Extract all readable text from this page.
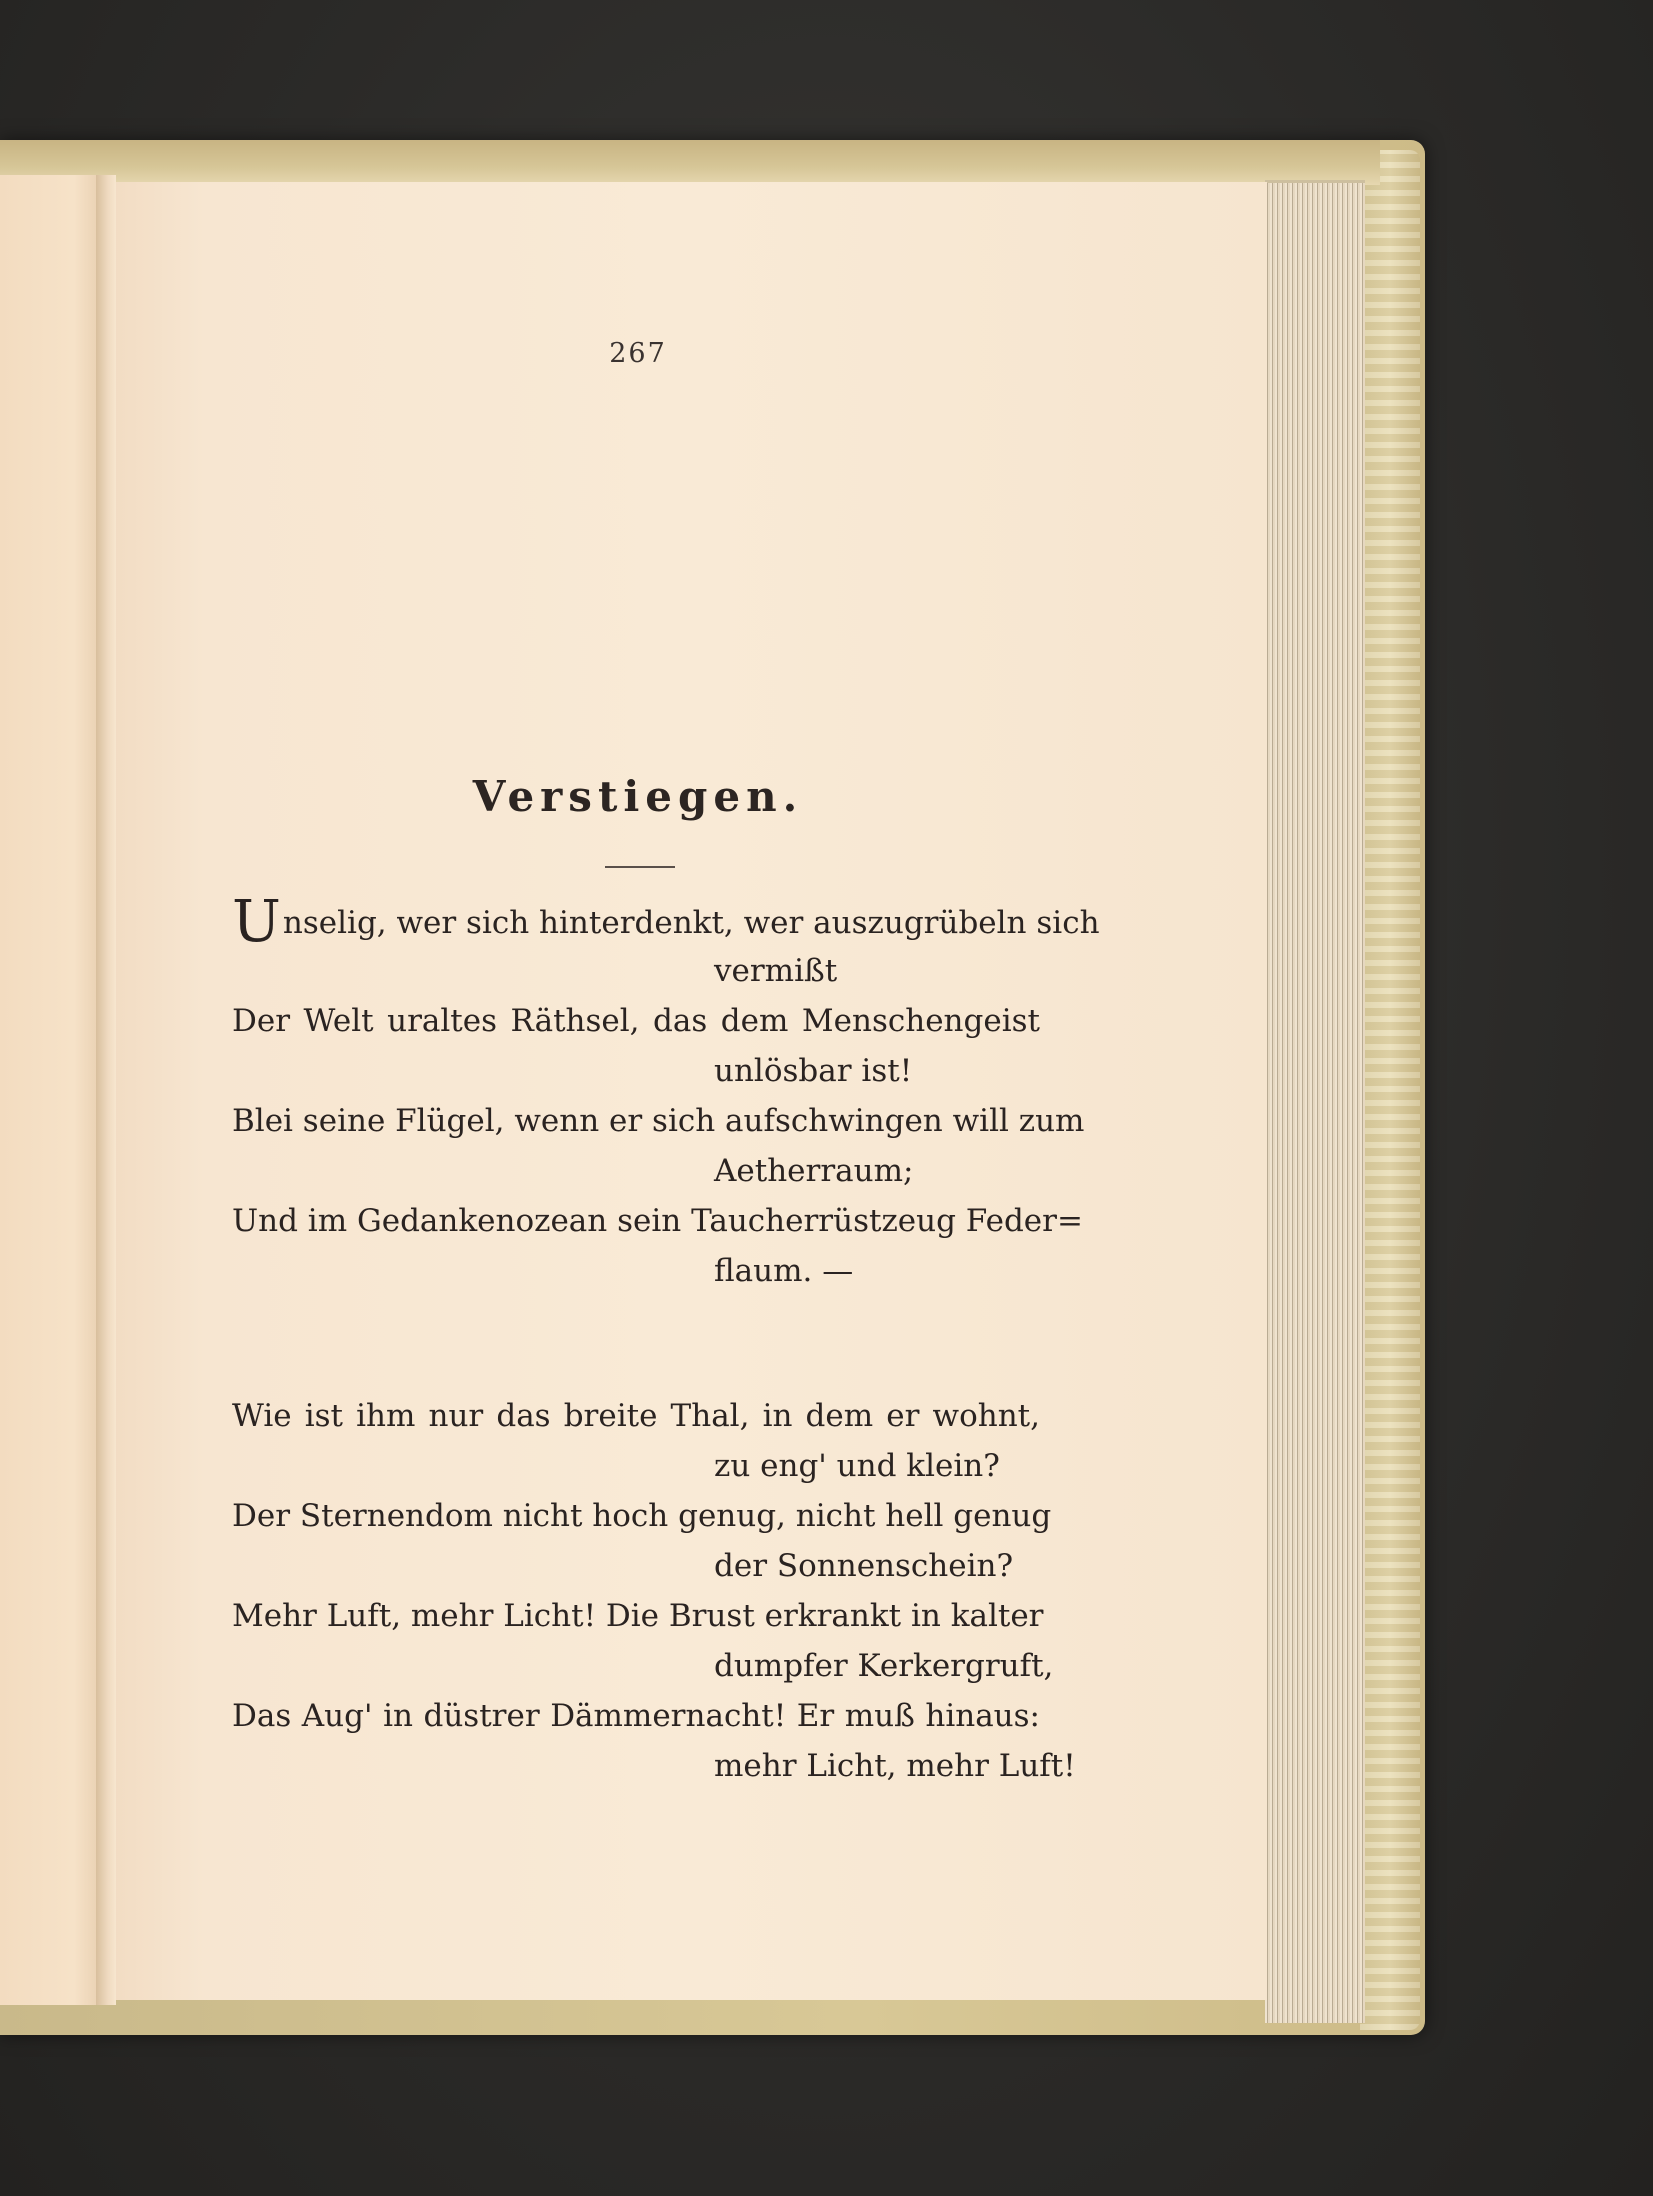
267
Verstiegen.
Unselig, wer sich hinterdenkt, wer auszugrübeln sich
vermißt
Der Welt uraltes Räthsel, das dem Menschengeist
unlösbar ist!
Blei seine Flügel, wenn er sich aufschwingen will zum
Aetherraum;
Und im Gedankenozean sein Taucherrüstzeug Feder=
flaum. —
Wie ist ihm nur das breite Thal, in dem er wohnt,
zu eng' und klein?
Der Sternendom nicht hoch genug, nicht hell genug
der Sonnenschein?
Mehr Luft, mehr Licht! Die Brust erkrankt in kalter
dumpfer Kerkergruft,
Das Aug' in düstrer Dämmernacht! Er muß hinaus:
mehr Licht, mehr Luft!
